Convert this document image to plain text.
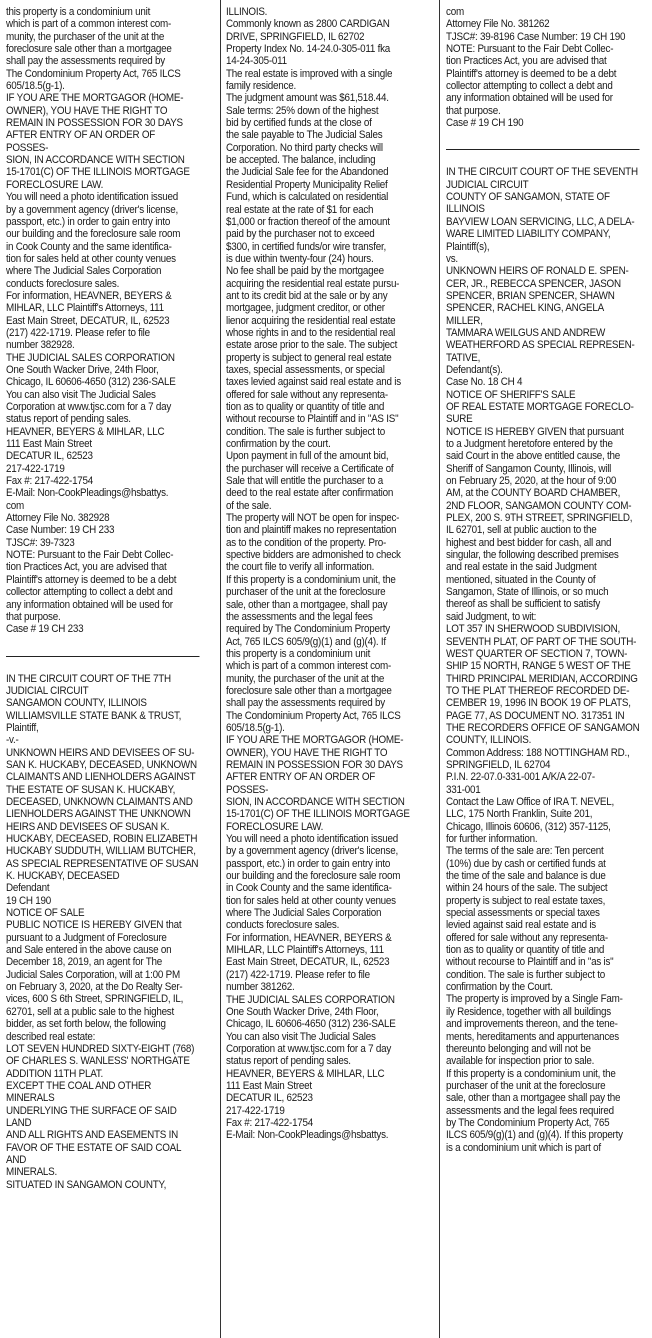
this property is a condominium unit

which is part of a common interest com-

munity, the purchaser of the unit at the

foreclosure sale other than a mortgagee

shall pay the assessments required by

The Condominium Property Act, 765 ILCS

605/18.5(g-1).

IF YOU ARE THE MORTGAGOR (HOME-

OWNER), YOU HAVE THE RIGHT TO

REMAIN IN POSSESSION FOR 30 DAYS

AFTER ENTRY OF AN ORDER OF POSSES-

SION, IN ACCORDANCE WITH SECTION

15-1701(C) OF THE ILLINOIS MORTGAGE

FORECLOSURE LAW.

You will need a photo identification issued

by a government agency (driver's license,

passport, etc.) in order to gain entry into

our building and the foreclosure sale room

in Cook County and the same identifica-

tion for sales held at other county venues

where The Judicial Sales Corporation

conducts foreclosure sales.

For information, HEAVNER, BEYERS &

MIHLAR, LLC Plaintiff's Attorneys, 111

East Main Street, DECATUR, IL, 62523

(217) 422-1719. Please refer to file

number 382928.

THE JUDICIAL SALES CORPORATION

One South Wacker Drive, 24th Floor,

Chicago, IL 60606-4650 (312) 236-SALE

You can also visit The Judicial Sales

Corporation at www.tjsc.com for a 7 day

status report of pending sales.

HEAVNER, BEYERS & MIHLAR, LLC

111 East Main Street

DECATUR IL, 62523

217-422-1719

Fax #: 217-422-1754

E-Mail: Non-CookPleadings@hsbattys.

com

Attorney File No. 382928

Case Number: 19 CH 233

TJSC#: 39-7323

NOTE: Pursuant to the Fair Debt Collec-

tion Practices Act, you are advised that

Plaintiff's attorney is deemed to be a debt

collector attempting to collect a debt and

any information obtained will be used for

that purpose.

Case # 19 CH 233

IN THE CIRCUIT COURT OF THE 7TH

JUDICIAL CIRCUIT

SANGAMON COUNTY, ILLINOIS

WILLIAMSVILLE STATE BANK & TRUST,

Plaintiff,

-v.-

UNKNOWN HEIRS AND DEVISEES OF SU-

SAN K. HUCKABY, DECEASED, UNKNOWN

CLAIMANTS AND LIENHOLDERS AGAINST

THE ESTATE OF SUSAN K. HUCKABY,

DECEASED, UNKNOWN CLAIMANTS AND

LIENHOLDERS AGAINST THE UNKNOWN

HEIRS AND DEVISEES OF SUSAN K.

HUCKABY, DECEASED, ROBIN ELIZABETH

HUCKABY SUDDUTH, WILLIAM BUTCHER,

AS SPECIAL REPRESENTATIVE OF SUSAN

K. HUCKABY, DECEASED

Defendant

19 CH 190

NOTICE OF SALE

PUBLIC NOTICE IS HEREBY GIVEN that

pursuant to a Judgment of Foreclosure

and Sale entered in the above cause on

December 18, 2019, an agent for The

Judicial Sales Corporation, will at 1:00 PM

on February 3, 2020, at the Do Realty Ser-

vices, 600 S 6th Street, SPRINGFIELD, IL,

62701, sell at a public sale to the highest

bidder, as set forth below, the following

described real estate:

LOT SEVEN HUNDRED SIXTY-EIGHT (768)

OF CHARLES S. WANLESS' NORTHGATE

ADDITION 11TH PLAT.

EXCEPT THE COAL AND OTHER MINERALS

UNDERLYING THE SURFACE OF SAID LAND

AND ALL RIGHTS AND EASEMENTS IN

FAVOR OF THE ESTATE OF SAID COAL AND

MINERALS.

SITUATED IN SANGAMON COUNTY,

ILLINOIS.

Commonly known as 2800 CARDIGAN

DRIVE, SPRINGFIELD, IL 62702

Property Index No. 14-24.0-305-011 fka

14-24-305-011

The real estate is improved with a single

family residence.

The judgment amount was $61,518.44.

Sale terms: 25% down of the highest

bid by certified funds at the close of

the sale payable to The Judicial Sales

Corporation. No third party checks will

be accepted. The balance, including

the Judicial Sale fee for the Abandoned

Residential Property Municipality Relief

Fund, which is calculated on residential

real estate at the rate of $1 for each

$1,000 or fraction thereof of the amount

paid by the purchaser not to exceed

$300, in certified funds/or wire transfer,

is due within twenty-four (24) hours.

No fee shall be paid by the mortgagee

acquiring the residential real estate pursu-

ant to its credit bid at the sale or by any

mortgagee, judgment creditor, or other

lienor acquiring the residential real estate

whose rights in and to the residential real

estate arose prior to the sale. The subject

property is subject to general real estate

taxes, special assessments, or special

taxes levied against said real estate and is

offered for sale without any representa-

tion as to quality or quantity of title and

without recourse to Plaintiff and in "AS IS"

condition. The sale is further subject to

confirmation by the court.

Upon payment in full of the amount bid,

the purchaser will receive a Certificate of

Sale that will entitle the purchaser to a

deed to the real estate after confirmation

of the sale.

The property will NOT be open for inspec-

tion and plaintiff makes no representation

as to the condition of the property. Pro-

spective bidders are admonished to check

the court file to verify all information.

If this property is a condominium unit, the

purchaser of the unit at the foreclosure

sale, other than a mortgagee, shall pay

the assessments and the legal fees

required by The Condominium Property

Act, 765 ILCS 605/9(g)(1) and (g)(4). If

this property is a condominium unit

which is part of a common interest com-

munity, the purchaser of the unit at the

foreclosure sale other than a mortgagee

shall pay the assessments required by

The Condominium Property Act, 765 ILCS

605/18.5(g-1).

IF YOU ARE THE MORTGAGOR (HOME-

OWNER), YOU HAVE THE RIGHT TO

REMAIN IN POSSESSION FOR 30 DAYS

AFTER ENTRY OF AN ORDER OF POSSES-

SION, IN ACCORDANCE WITH SECTION

15-1701(C) OF THE ILLINOIS MORTGAGE

FORECLOSURE LAW.

You will need a photo identification issued

by a government agency (driver's license,

passport, etc.) in order to gain entry into

our building and the foreclosure sale room

in Cook County and the same identifica-

tion for sales held at other county venues

where The Judicial Sales Corporation

conducts foreclosure sales.

For information, HEAVNER, BEYERS &

MIHLAR, LLC Plaintiff's Attorneys, 111

East Main Street, DECATUR, IL, 62523

(217) 422-1719. Please refer to file

number 381262.

THE JUDICIAL SALES CORPORATION

One South Wacker Drive, 24th Floor,

Chicago, IL 60606-4650 (312) 236-SALE

You can also visit The Judicial Sales

Corporation at www.tjsc.com for a 7 day

status report of pending sales.

HEAVNER, BEYERS & MIHLAR, LLC

111 East Main Street

DECATUR IL, 62523

217-422-1719

Fax #: 217-422-1754

E-Mail: Non-CookPleadings@hsbattys.

com

Attorney File No. 381262

TJSC#: 39-8196 Case Number: 19 CH 190

NOTE: Pursuant to the Fair Debt Collec-

tion Practices Act, you are advised that

Plaintiff's attorney is deemed to be a debt

collector attempting to collect a debt and

any information obtained will be used for

that purpose.

Case # 19 CH 190

IN THE CIRCUIT COURT OF THE SEVENTH

JUDICIAL CIRCUIT

COUNTY OF SANGAMON, STATE OF

ILLINOIS

BAYVIEW LOAN SERVICING, LLC, A DELA-

WARE LIMITED LIABILITY COMPANY,

Plaintiff(s),

vs.

UNKNOWN HEIRS OF RONALD E. SPEN-

CER, JR., REBECCA SPENCER, JASON

SPENCER, BRIAN SPENCER, SHAWN

SPENCER, RACHEL KING, ANGELA MILLER,

TAMMARA WEILGUS AND ANDREW

WEATHERFORD AS SPECIAL REPRESEN-

TATIVE,

Defendant(s).

Case No. 18 CH 4

NOTICE OF SHERIFF'S SALE

OF REAL ESTATE MORTGAGE FORECLO-

SURE

NOTICE IS HEREBY GIVEN that pursuant

to a Judgment heretofore entered by the

said Court in the above entitled cause, the

Sheriff of Sangamon County, Illinois, will

on February 25, 2020, at the hour of 9:00

AM, at the COUNTY BOARD CHAMBER,

2ND FLOOR, SANGAMON COUNTY COM-

PLEX, 200 S. 9TH STREET, SPRINGFIELD,

IL 62701, sell at public auction to the

highest and best bidder for cash, all and

singular, the following described premises

and real estate in the said Judgment

mentioned, situated in the County of

Sangamon, State of Illinois, or so much

thereof as shall be sufficient to satisfy

said Judgment, to wit:

LOT 357 IN SHERWOOD SUBDIVISION,

SEVENTH PLAT, OF PART OF THE SOUTH-

WEST QUARTER OF SECTION 7, TOWN-

SHIP 15 NORTH, RANGE 5 WEST OF THE

THIRD PRINCIPAL MERIDIAN, ACCORDING

TO THE PLAT THEREOF RECORDED DE-

CEMBER 19, 1996 IN BOOK 19 OF PLATS,

PAGE 77, AS DOCUMENT NO. 317351 IN

THE RECORDERS OFFICE OF SANGAMON

COUNTY, ILLINOIS.

Common Address: 188 NOTTINGHAM RD.,

SPRINGFIELD, IL 62704

P.I.N. 22-07.0-331-001 A/K/A 22-07-

331-001

Contact the Law Office of IRA T. NEVEL,

LLC, 175 North Franklin, Suite 201,

Chicago, Illinois 60606, (312) 357-1125,

for further information.

The terms of the sale are: Ten percent

(10%) due by cash or certified funds at

the time of the sale and balance is due

within 24 hours of the sale. The subject

property is subject to real estate taxes,

special assessments or special taxes

levied against said real estate and is

offered for sale without any representa-

tion as to quality or quantity of title and

without recourse to Plaintiff and in "as is"

condition. The sale is further subject to

confirmation by the Court.

The property is improved by a Single Fam-

ily Residence, together with all buildings

and improvements thereon, and the tene-

ments, hereditaments and appurtenances

thereunto belonging and will not be

available for inspection prior to sale.

If this property is a condominium unit, the

purchaser of the unit at the foreclosure

sale, other than a mortgagee shall pay the

assessments and the legal fees required

by The Condominium Property Act, 765

ILCS 605/9(g)(1) and (g)(4). If this property

is a condominium unit which is part of
